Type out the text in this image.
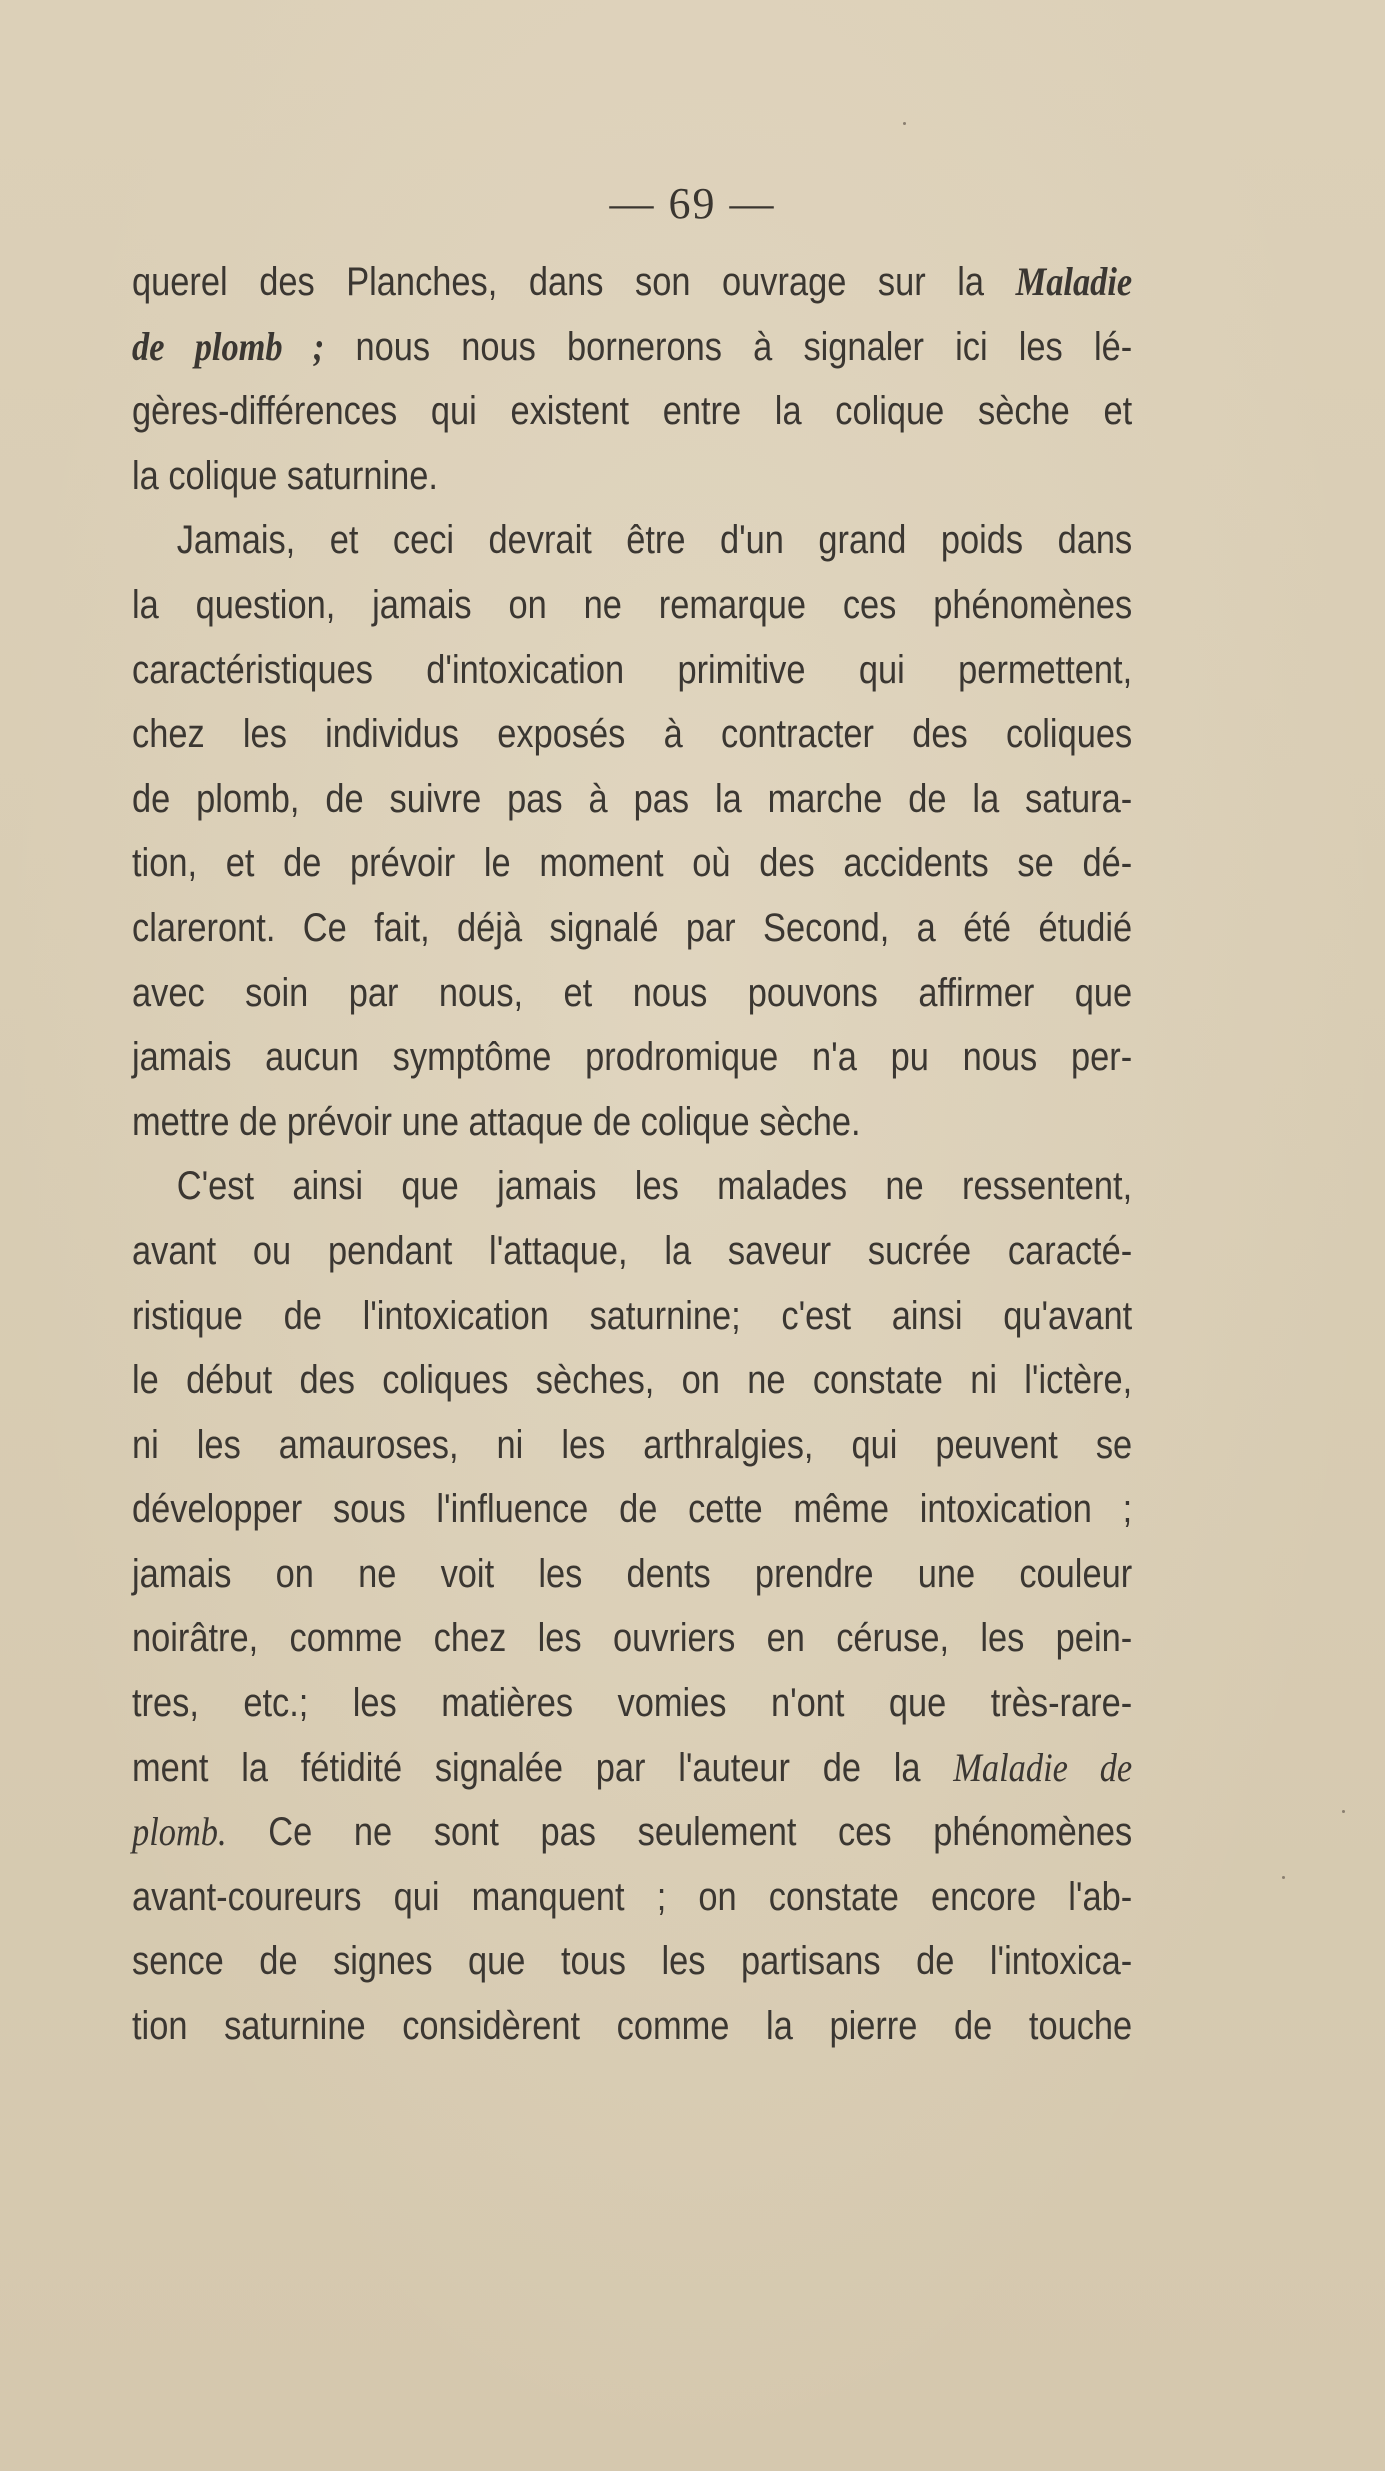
— 69 —
querel des Planches, dans son ouvrage sur la Maladie
de plomb ; nous nous bornerons à signaler ici les lé-
gères-différences qui existent entre la colique sèche et
la colique saturnine.
Jamais, et ceci devrait être d'un grand poids dans
la question, jamais on ne remarque ces phénomènes
caractéristiques d'intoxication primitive qui permettent,
chez les individus exposés à contracter des coliques
de plomb, de suivre pas à pas la marche de la satura-
tion, et de prévoir le moment où des accidents se dé-
clareront. Ce fait, déjà signalé par Second, a été étudié
avec soin par nous, et nous pouvons affirmer que
jamais aucun symptôme prodromique n'a pu nous per-
mettre de prévoir une attaque de colique sèche.
C'est ainsi que jamais les malades ne ressentent,
avant ou pendant l'attaque, la saveur sucrée caracté-
ristique de l'intoxication saturnine; c'est ainsi qu'avant
le début des coliques sèches, on ne constate ni l'ictère,
ni les amauroses, ni les arthralgies, qui peuvent se
développer sous l'influence de cette même intoxication ;
jamais on ne voit les dents prendre une couleur
noirâtre, comme chez les ouvriers en céruse, les pein-
tres, etc.; les matières vomies n'ont que très-rare-
ment la fétidité signalée par l'auteur de la Maladie de
plomb. Ce ne sont pas seulement ces phénomènes
avant-coureurs qui manquent ; on constate encore l'ab-
sence de signes que tous les partisans de l'intoxica-
tion saturnine considèrent comme la pierre de touche
